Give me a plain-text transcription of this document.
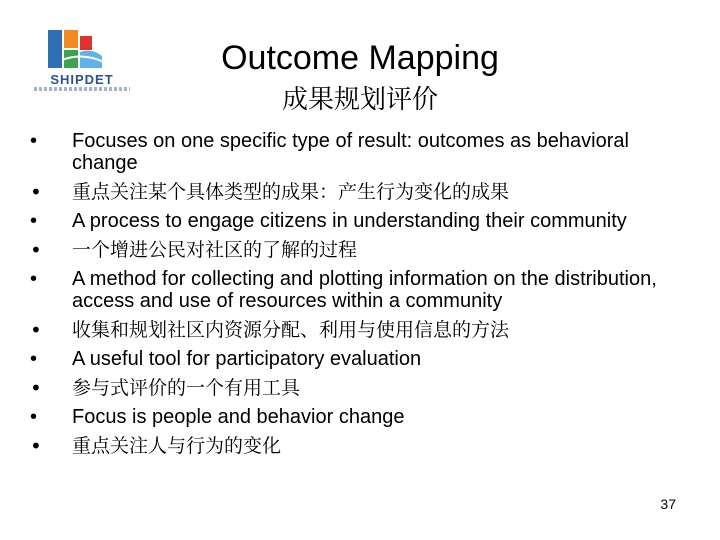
SHIPDET
Outcome Mapping
成果规划评价
•	Focuses on one specific type of result: outcomes as behavioral change
•	重点关注某个具体类型的成果：产生行为变化的成果
•	A process to engage citizens in understanding their community
•	一个增进公民对社区的了解的过程
•	A method for collecting and plotting information on the distribution, access and use of resources within a community
•	收集和规划社区内资源分配、利用与使用信息的方法
•	A useful tool for participatory evaluation
•	参与式评价的一个有用工具
•	Focus is people and behavior change
•	重点关注人与行为的变化
37
